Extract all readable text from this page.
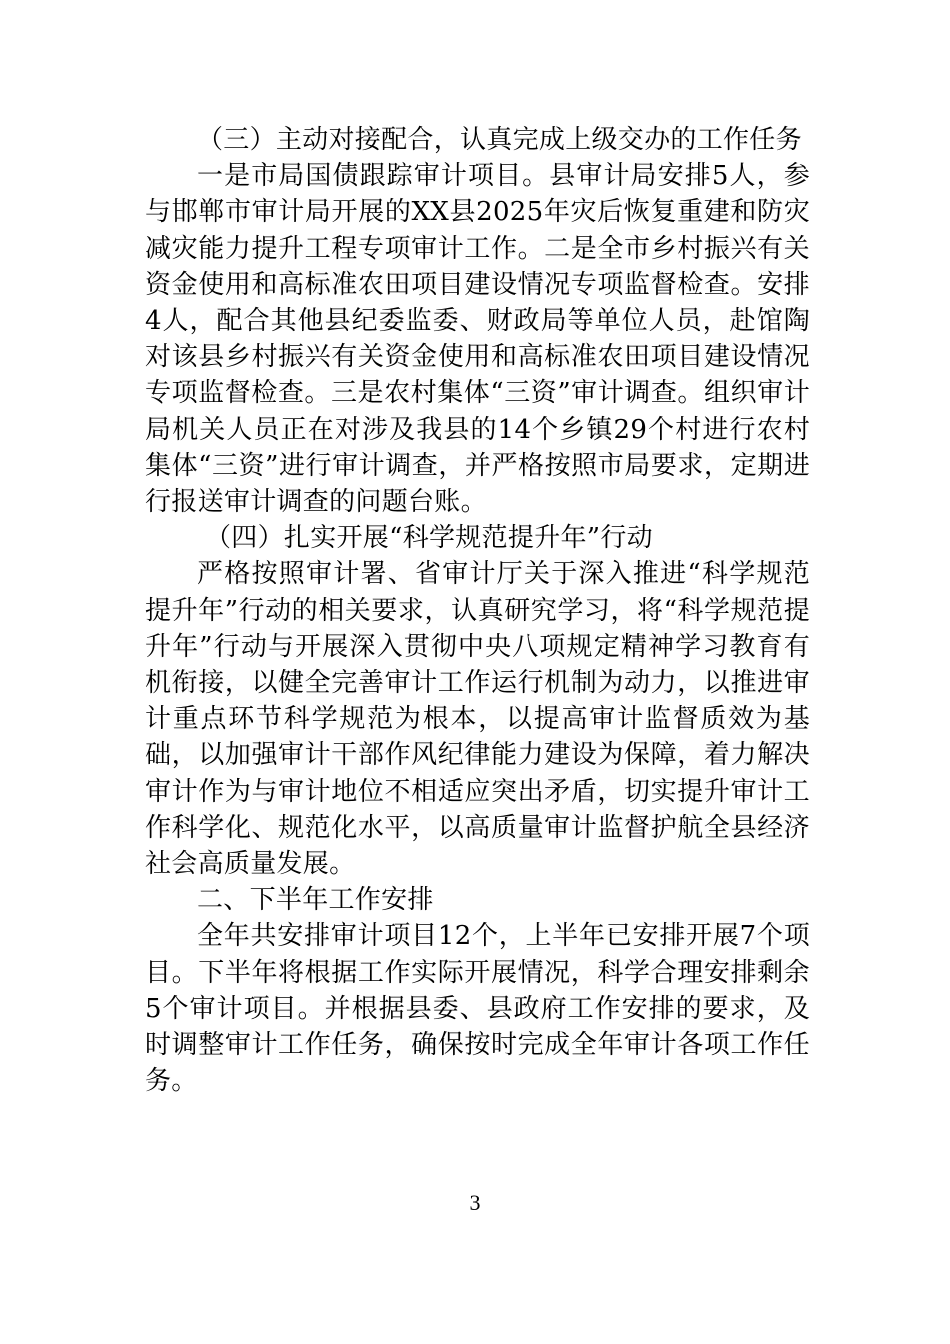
（三）主动对接配合，认真完成上级交办的工作任务

一是市局国债跟踪审计项目。县审计局安排5人，参与邯郸市审计局开展的XX县2025年灾后恢复重建和防灾减灾能力提升工程专项审计工作。二是全市乡村振兴有关资金使用和高标准农田项目建设情况专项监督检查。安排4人，配合其他县纪委监委、财政局等单位人员，赴馆陶对该县乡村振兴有关资金使用和高标准农田项目建设情况专项监督检查。三是农村集体“三资”审计调查。组织审计局机关人员正在对涉及我县的14个乡镇29个村进行农村集体“三资”进行审计调查，并严格按照市局要求，定期进行报送审计调查的问题台账。

（四）扎实开展“科学规范提升年”行动

严格按照审计署、省审计厅关于深入推进“科学规范提升年”行动的相关要求，认真研究学习，将“科学规范提升年”行动与开展深入贯彻中央八项规定精神学习教育有机衔接，以健全完善审计工作运行机制为动力，以推进审计重点环节科学规范为根本，以提高审计监督质效为基础，以加强审计干部作风纪律能力建设为保障，着力解决审计作为与审计地位不相适应突出矛盾，切实提升审计工作科学化、规范化水平，以高质量审计监督护航全县经济社会高质量发展。

二、下半年工作安排

全年共安排审计项目12个，上半年已安排开展7个项目。下半年将根据工作实际开展情况，科学合理安排剩余5个审计项目。并根据县委、县政府工作安排的要求，及时调整审计工作任务，确保按时完成全年审计各项工作任务。

3
